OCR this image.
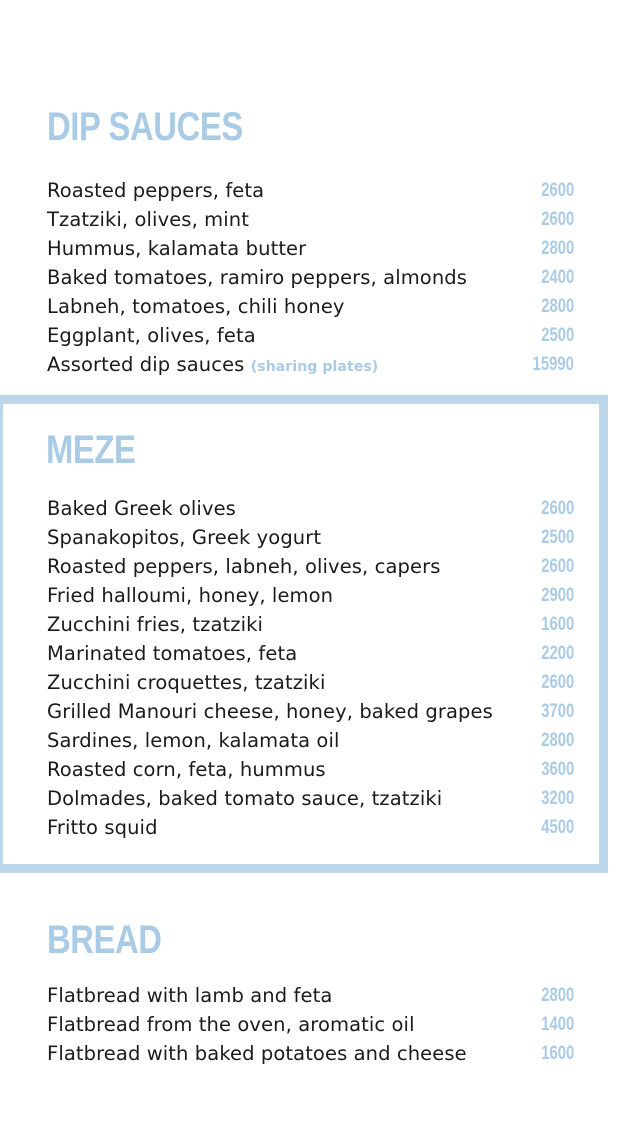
DIP SAUCES
Roasted peppers, feta	2600
Tzatziki, olives, mint	2600
Hummus, kalamata butter	2800
Baked tomatoes, ramiro peppers, almonds	2400
Labneh, tomatoes, chili honey	2800
Eggplant, olives, feta	2500
Assorted dip sauces (sharing plates)	15990
MEZE
Baked Greek olives	2600
Spanakopitos, Greek yogurt	2500
Roasted peppers, labneh, olives, capers	2600
Fried halloumi, honey, lemon	2900
Zucchini fries, tzatziki	1600
Marinated tomatoes, feta	2200
Zucchini croquettes, tzatziki	2600
Grilled Manouri cheese, honey, baked grapes	3700
Sardines, lemon, kalamata oil	2800
Roasted corn, feta, hummus	3600
Dolmades, baked tomato sauce, tzatziki	3200
Fritto squid	4500
BREAD
Flatbread with lamb and feta	2800
Flatbread from the oven, aromatic oil	1400
Flatbread with baked potatoes and cheese	1600
